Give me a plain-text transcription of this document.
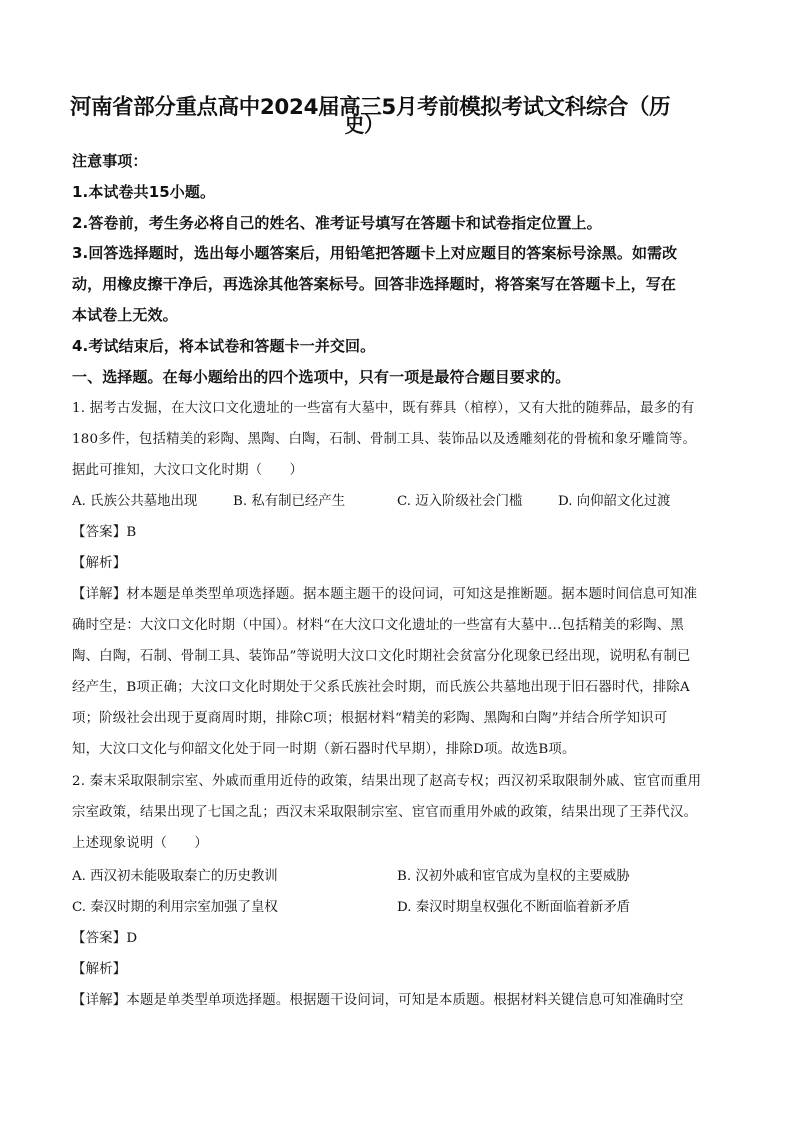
河南省部分重点高中2024届高三5月考前模拟考试文科综合（历
史）
注意事项：
1.本试卷共15小题。
2.答卷前，考生务必将自己的姓名、准考证号填写在答题卡和试卷指定位置上。
3.回答选择题时，选出每小题答案后，用铅笔把答题卡上对应题目的答案标号涂黑。如需改
动，用橡皮擦干净后，再选涂其他答案标号。回答非选择题时，将答案写在答题卡上，写在
本试卷上无效。
4.考试结束后，将本试卷和答题卡一并交回。
一、选择题。在每小题给出的四个选项中，只有一项是最符合题目要求的。
1. 据考古发掘，在大汶口文化遗址的一些富有大墓中，既有葬具（棺椁），又有大批的随葬品，最多的有
180多件，包括精美的彩陶、黑陶、白陶，石制、骨制工具、装饰品以及透雕刻花的骨梳和象牙雕筒等。
据此可推知，大汶口文化时期（　　）
A. 氏族公共墓地出现	B. 私有制已经产生	C. 迈入阶级社会门槛	D. 向仰韶文化过渡
【答案】B
【解析】
【详解】材本题是单类型单项选择题。据本题主题干的设问词，可知这是推断题。据本题时间信息可知准
确时空是：大汶口文化时期（中国）。材料“在大汶口文化遗址的一些富有大墓中…包括精美的彩陶、黑
陶、白陶，石制、骨制工具、装饰品”等说明大汶口文化时期社会贫富分化现象已经出现，说明私有制已
经产生，B项正确；大汶口文化时期处于父系氏族社会时期，而氏族公共墓地出现于旧石器时代，排除A
项；阶级社会出现于夏商周时期，排除C项；根据材料“精美的彩陶、黑陶和白陶”并结合所学知识可
知，大汶口文化与仰韶文化处于同一时期（新石器时代早期），排除D项。故选B项。
2. 秦末采取限制宗室、外戚而重用近侍的政策，结果出现了赵高专权；西汉初采取限制外戚、宦官而重用
宗室政策，结果出现了七国之乱；西汉末采取限制宗室、宦官而重用外戚的政策，结果出现了王莽代汉。
上述现象说明（　　）
A. 西汉初未能吸取秦亡的历史教训	B. 汉初外戚和宦官成为皇权的主要威胁
C. 秦汉时期的利用宗室加强了皇权	D. 秦汉时期皇权强化不断面临着新矛盾
【答案】D
【解析】
【详解】本题是单类型单项选择题。根据题干设问词，可知是本质题。根据材料关键信息可知准确时空
